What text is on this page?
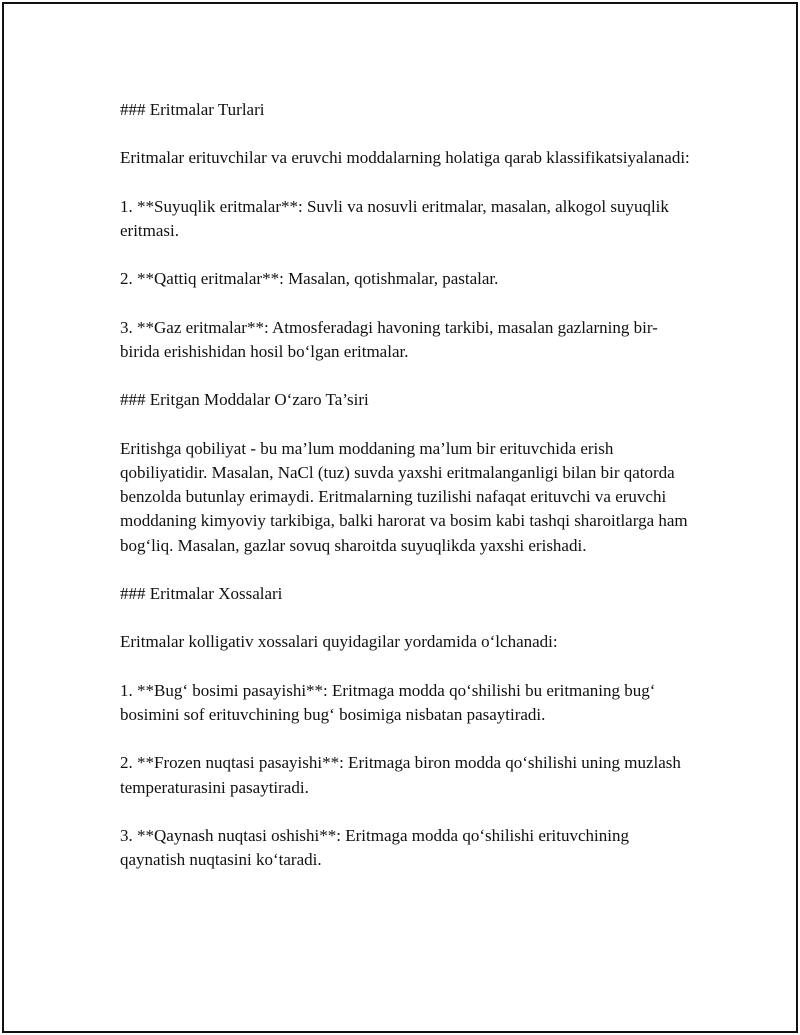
### Eritmalar Turlari

Eritmalar erituvchilar va eruvchi moddalarning holatiga qarab klassifikatsiyalanadi:

1. **Suyuqlik eritmalar**: Suvli va nosuvli eritmalar, masalan, alkogol suyuqlik eritmasi.

2. **Qattiq eritmalar**: Masalan, qotishmalar, pastalar.

3. **Gaz eritmalar**: Atmosferadagi havoning tarkibi, masalan gazlarning bir-birida erishishidan hosil bo‘lgan eritmalar.

### Eritgan Moddalar O‘zaro Ta’siri

Eritishga qobiliyat - bu ma’lum moddaning ma’lum bir erituvchida erish qobiliyatidir. Masalan, NaCl (tuz) suvda yaxshi eritmalanganligi bilan bir qatorda benzolda butunlay erimaydi. Eritmalarning tuzilishi nafaqat erituvchi va eruvchi moddaning kimyoviy tarkibiga, balki harorat va bosim kabi tashqi sharoitlarga ham bog‘liq. Masalan, gazlar sovuq sharoitda suyuqlikda yaxshi erishadi.

### Eritmalar Xossalari

Eritmalar kolligativ xossalari quyidagilar yordamida o‘lchanadi:

1. **Bug‘ bosimi pasayishi**: Eritmaga modda qo‘shilishi bu eritmaning bug‘ bosimini sof erituvchining bug‘ bosimiga nisbatan pasaytiradi.

2. **Frozen nuqtasi pasayishi**: Eritmaga biron modda qo‘shilishi uning muzlash temperaturasini pasaytiradi.

3. **Qaynash nuqtasi oshishi**: Eritmaga modda qo‘shilishi erituvchining qaynatish nuqtasini ko‘taradi.
